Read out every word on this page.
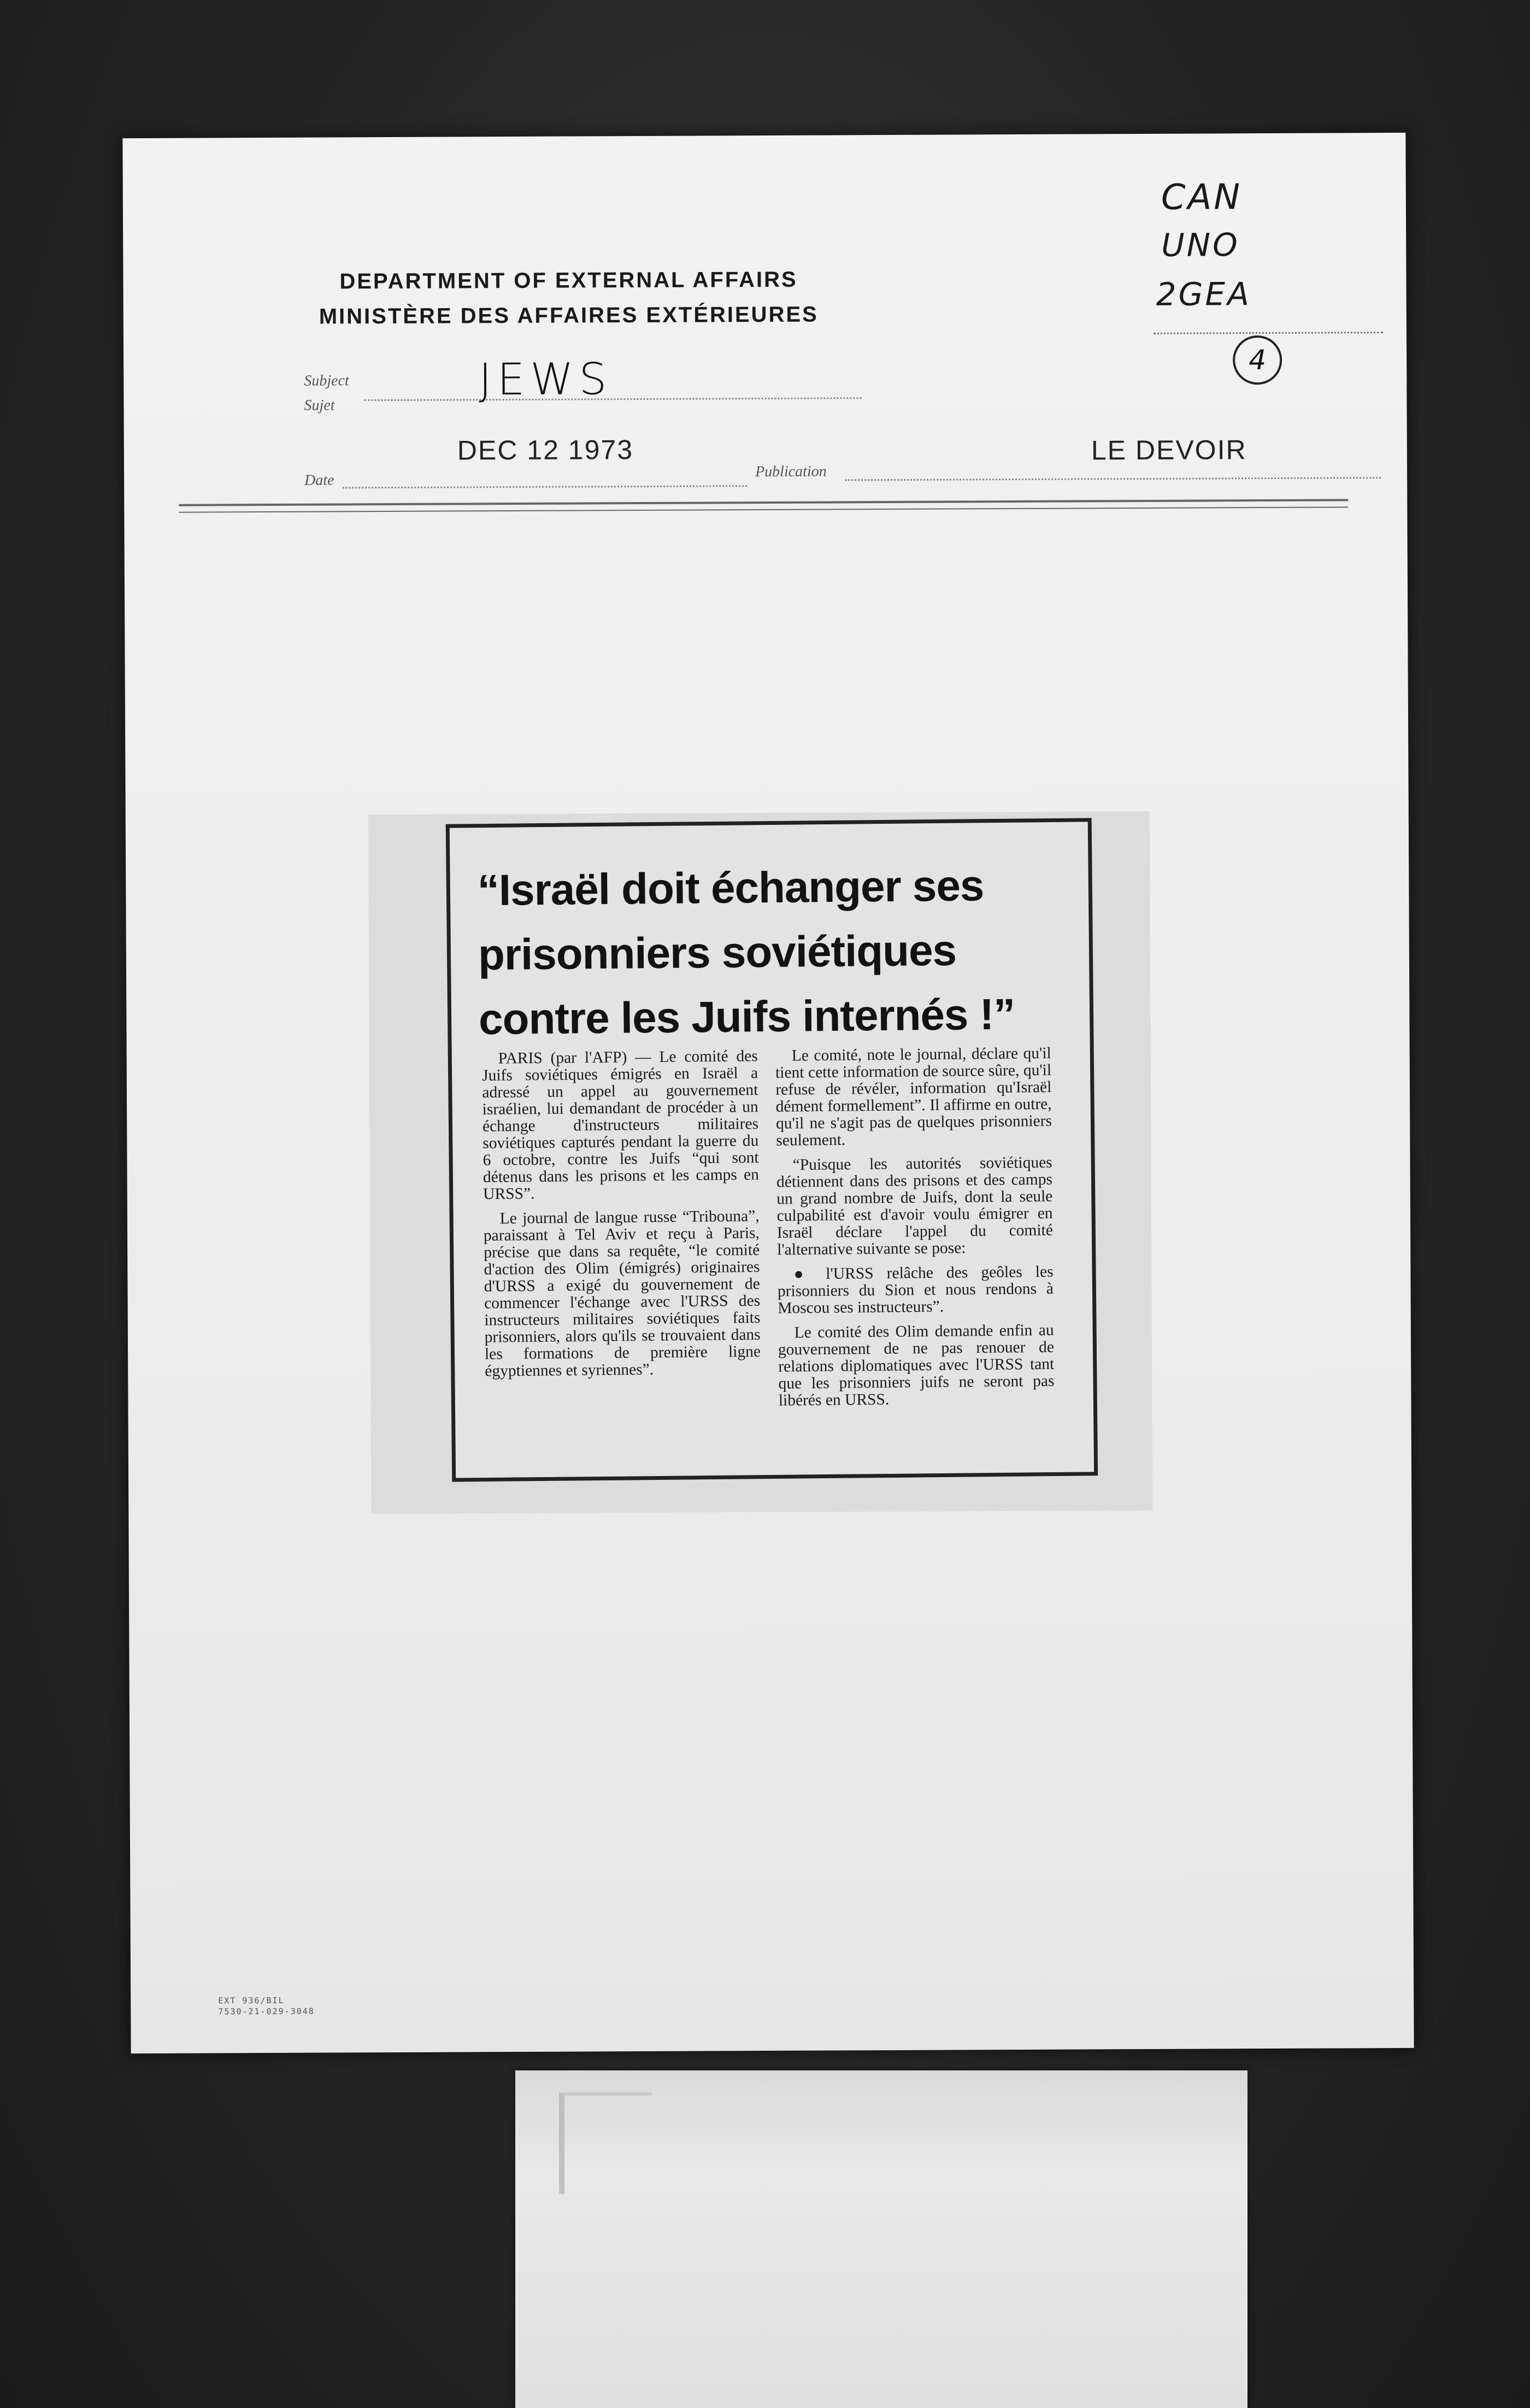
CAN
UNO
2GEA
4
DEPARTMENT OF EXTERNAL AFFAIRS
MINISTÈRE DES AFFAIRES EXTÉRIEURES
Subject
Sujet
JEWS
Date
DEC 12 1973
Publication
LE DEVOIR
“Israël doit échanger ses prisonniers soviétiques contre les Juifs internés !”

PARIS (par l'AFP) — Le comité des Juifs soviétiques émigrés en Israël a adressé un appel au gouvernement israélien, lui demandant de procéder à un échange d'instructeurs militaires soviétiques capturés pendant la guerre du 6 octobre, contre les Juifs “qui sont détenus dans les prisons et les camps en URSS”.

Le journal de langue russe “Tribouna”, paraissant à Tel Aviv et reçu à Paris, précise que dans sa requête, “le comité d'action des Olim (émigrés) originaires d'URSS a exigé du gouvernement de commencer l'échange avec l'URSS des instructeurs militaires soviétiques faits prisonniers, alors qu'ils se trouvaient dans les formations de première ligne égyptiennes et syriennes”.

Le comité, note le journal, déclare qu'il tient cette information de source sûre, qu'il refuse de révéler, information qu'Israël dément formellement”. Il affirme en outre, qu'il ne s'agit pas de quelques prisonniers seulement.

“Puisque les autorités soviétiques détiennent dans des prisons et des camps un grand nombre de Juifs, dont la seule culpabilité est d'avoir voulu émigrer en Israël déclare l'appel du comité l'alternative suivante se pose:

● l'URSS relâche des geôles les prisonniers du Sion et nous rendons à Moscou ses instructeurs”.

Le comité des Olim demande enfin au gouvernement de ne pas renouer de relations diplomatiques avec l'URSS tant que les prisonniers juifs ne seront pas libérés en URSS.

EXT 936/BIL
7530-21-029-3048
